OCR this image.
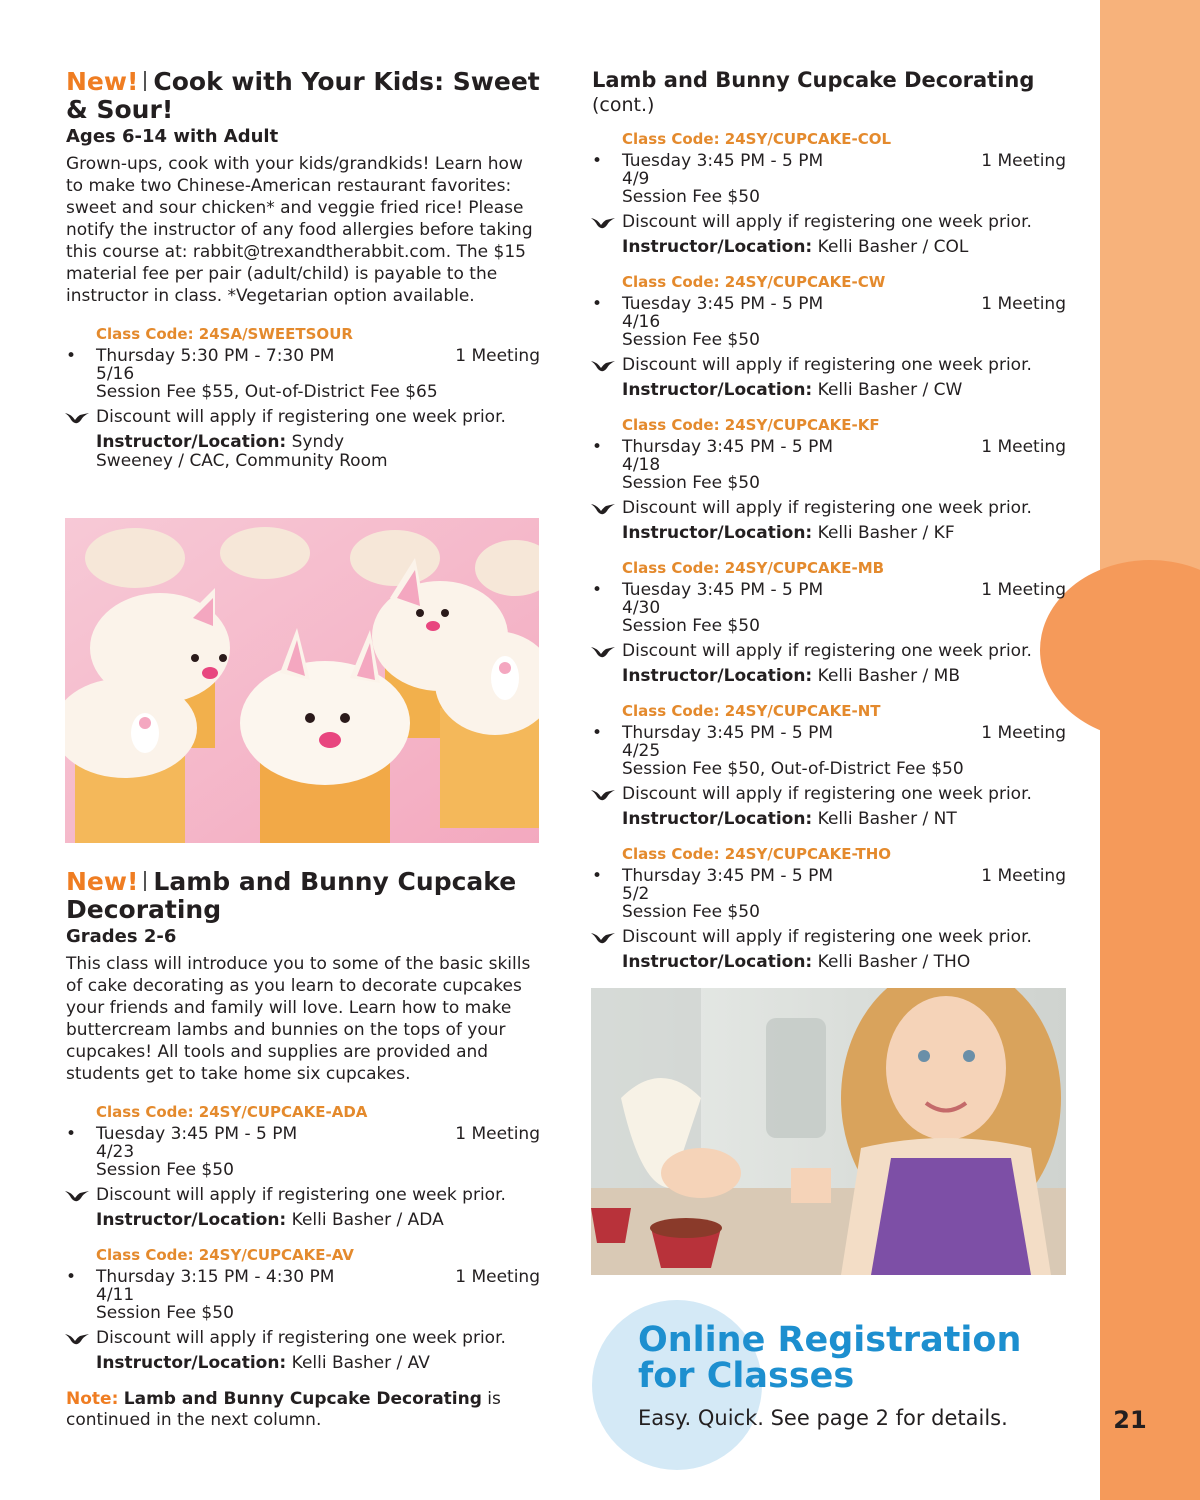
21
New! Cook with Your Kids: Sweet & Sour!
Ages 6-14 with Adult
Grown-ups, cook with your kids/grandkids! Learn how to make two Chinese-American restaurant favorites: sweet and sour chicken* and veggie fried rice! Please notify the instructor of any food allergies before taking this course at: rabbit@trexandtherabbit.com. The $15 material fee per pair (adult/child) is payable to the instructor in class. *Vegetarian option available.
Class Code: 24SA/SWEETSOUR
• Thursday 5:30 PM - 7:30 PM	1 Meeting
5/16
Session Fee $55, Out-of-District Fee $65
Discount will apply if registering one week prior.
Instructor/Location: Syndy Sweeney / CAC, Community Room
New! Lamb and Bunny Cupcake Decorating
Grades 2-6
This class will introduce you to some of the basic skills of cake decorating as you learn to decorate cupcakes your friends and family will love. Learn how to make buttercream lambs and bunnies on the tops of your cupcakes! All tools and supplies are provided and students get to take home six cupcakes.
Class Code: 24SY/CUPCAKE-ADA
• Tuesday 3:45 PM - 5 PM	1 Meeting
4/23
Session Fee $50
Discount will apply if registering one week prior.
Instructor/Location: Kelli Basher / ADA
Class Code: 24SY/CUPCAKE-AV
• Thursday 3:15 PM - 4:30 PM	1 Meeting
4/11
Session Fee $50
Discount will apply if registering one week prior.
Instructor/Location: Kelli Basher / AV
Note: Lamb and Bunny Cupcake Decorating is continued in the next column.
Lamb and Bunny Cupcake Decorating (cont.)
Class Code: 24SY/CUPCAKE-COL
• Tuesday 3:45 PM - 5 PM	1 Meeting
4/9
Session Fee $50
Discount will apply if registering one week prior.
Instructor/Location: Kelli Basher / COL
Class Code: 24SY/CUPCAKE-CW
• Tuesday 3:45 PM - 5 PM	1 Meeting
4/16
Session Fee $50
Discount will apply if registering one week prior.
Instructor/Location: Kelli Basher / CW
Class Code: 24SY/CUPCAKE-KF
• Thursday 3:45 PM - 5 PM	1 Meeting
4/18
Session Fee $50
Discount will apply if registering one week prior.
Instructor/Location: Kelli Basher / KF
Class Code: 24SY/CUPCAKE-MB
• Tuesday 3:45 PM - 5 PM	1 Meeting
4/30
Session Fee $50
Discount will apply if registering one week prior.
Instructor/Location: Kelli Basher / MB
Class Code: 24SY/CUPCAKE-NT
• Thursday 3:45 PM - 5 PM	1 Meeting
4/25
Session Fee $50, Out-of-District Fee $50
Discount will apply if registering one week prior.
Instructor/Location: Kelli Basher / NT
Class Code: 24SY/CUPCAKE-THO
• Thursday 3:45 PM - 5 PM	1 Meeting
5/2
Session Fee $50
Discount will apply if registering one week prior.
Instructor/Location: Kelli Basher / THO
Online Registration
for Classes
Easy. Quick. See page 2 for details.
